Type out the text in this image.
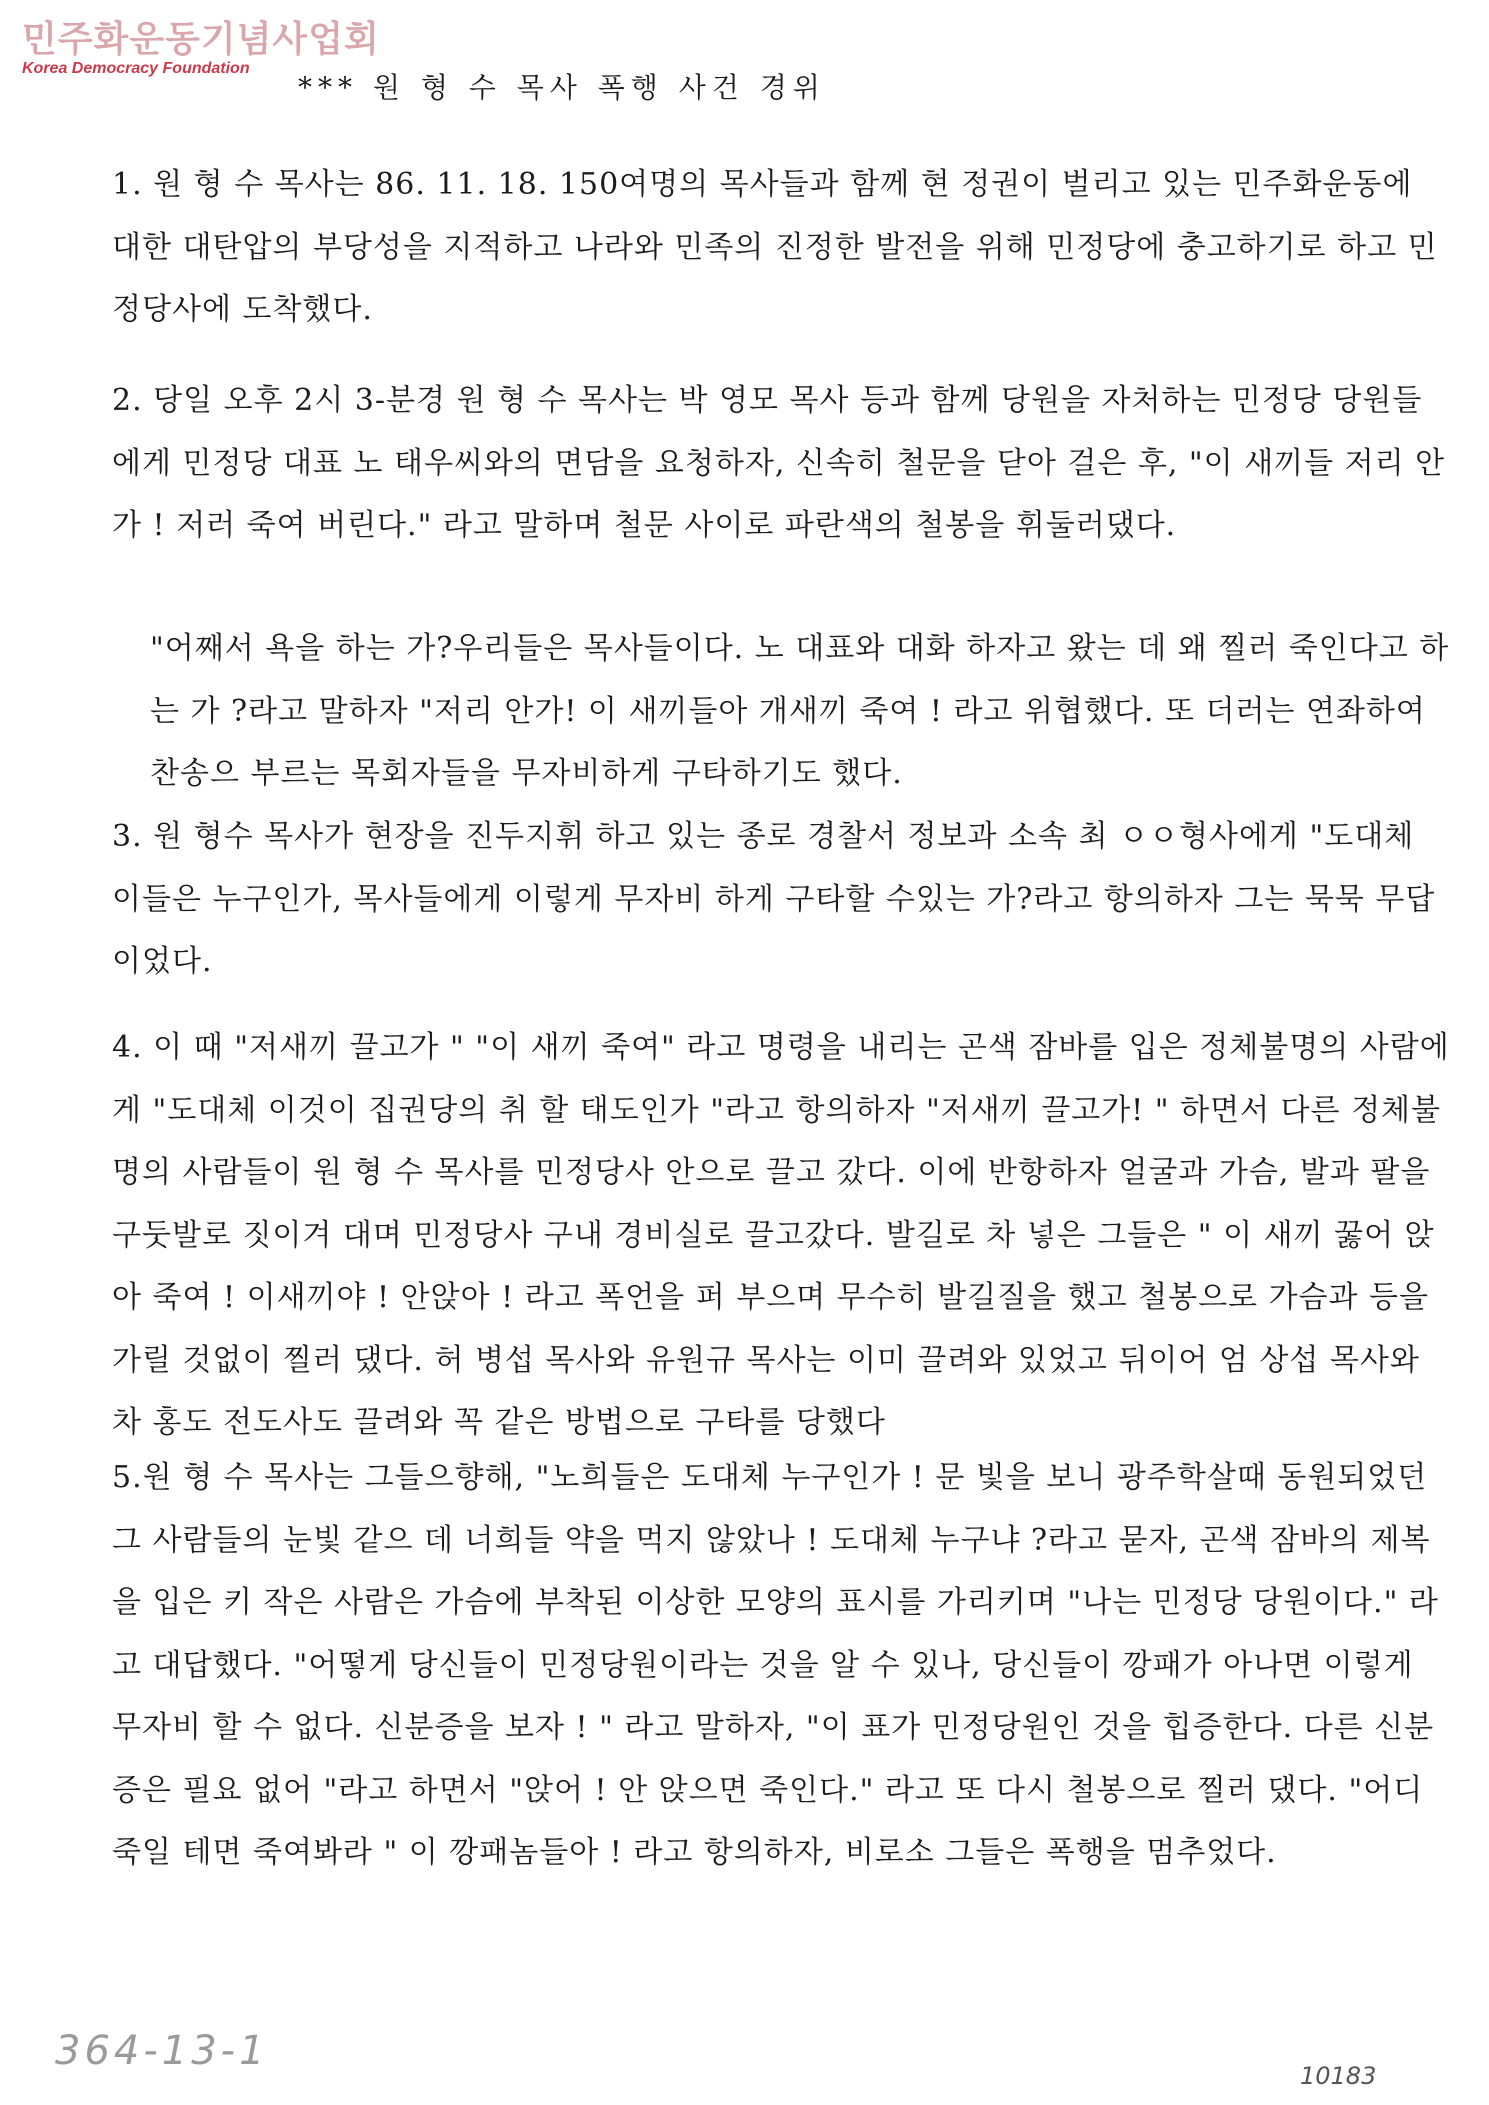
민주화운동기념사업회
Korea Democracy Foundation
*** 원 형 수 목사 폭행 사건 경위
1. 원 형 수 목사는 86. 11. 18. 150여명의 목사들과 함께 현 정권이 벌리고 있는 민주화운동에 대한 대탄압의 부당성을 지적하고 나라와 민족의 진정한 발전을 위해 민정당에 충고하기로 하고 민정당사에 도착했다.
2. 당일 오후 2시 3-분경 원 형 수 목사는 박 영모 목사 등과 함께 당원을 자처하는 민정당 당원들에게 민정당 대표 노 태우씨와의 면담을 요청하자, 신속히 철문을 닫아 걸은 후, "이 새끼들 저리 안가 ! 저러 죽여 버린다." 라고 말하며 철문 사이로 파란색의 철봉을 휘둘러댔다.
"어째서 욕을 하는 가?우리들은 목사들이다. 노 대표와 대화 하자고 왔는 데 왜 찔러 죽인다고 하는 가 ?라고 말하자 "저리 안가! 이 새끼들아 개새끼 죽여 ! 라고 위협했다. 또 더러는 연좌하여 찬송으 부르는 목회자들을 무자비하게 구타하기도 했다.
3. 원 형수 목사가 현장을 진두지휘 하고 있는 종로 경찰서 정보과 소속 최 ㅇㅇ형사에게 "도대체 이들은 누구인가, 목사들에게 이렇게 무자비 하게 구타할 수있는 가?라고 항의하자 그는 묵묵 무답이었다.
4. 이 때 "저새끼 끌고가 " "이 새끼 죽여" 라고 명령을 내리는 곤색 잠바를 입은 정체불명의 사람에게 "도대체 이것이 집권당의 취 할 태도인가 "라고 항의하자 "저새끼 끌고가! " 하면서 다른 정체불명의 사람들이 원 형 수 목사를 민정당사 안으로 끌고 갔다. 이에 반항하자 얼굴과 가슴, 발과 팔을 구둣발로 짓이겨 대며 민정당사 구내 경비실로 끌고갔다. 발길로 차 넣은 그들은 " 이 새끼 꿇어 앉아 죽여 ! 이새끼야 ! 안앉아 ! 라고 폭언을 퍼 부으며 무수히 발길질을 했고 철봉으로 가슴과 등을 가릴 것없이 찔러 댔다. 허 병섭 목사와 유원규 목사는 이미 끌려와 있었고 뒤이어 엄 상섭 목사와 차 홍도 전도사도 끌려와 꼭 같은 방법으로 구타를 당했다
5.원 형 수 목사는 그들으향해, "노희들은 도대체 누구인가 ! 문 빛을 보니 광주학살때 동원되었던 그 사람들의 눈빛 같으 데 너희들 약을 먹지 않았나 ! 도대체 누구냐 ?라고 묻자, 곤색 잠바의 제복을 입은 키 작은 사람은 가슴에 부착된 이상한 모양의 표시를 가리키며 "나는 민정당 당원이다." 라고 대답했다. "어떻게 당신들이 민정당원이라는 것을 알 수 있나, 당신들이 깡패가 아나면 이렇게 무자비 할 수 없다. 신분증을 보자 ! " 라고 말하자, "이 표가 민정당원인 것을 힙증한다. 다른 신분증은 필요 없어 "라고 하면서 "앉어 ! 안 앉으면 죽인다." 라고 또 다시 철봉으로 찔러 댔다. "어디 죽일 테면 죽여봐라 " 이 깡패놈들아 ! 라고 항의하자, 비로소 그들은 폭행을 멈추었다.
364-13-1
10183
